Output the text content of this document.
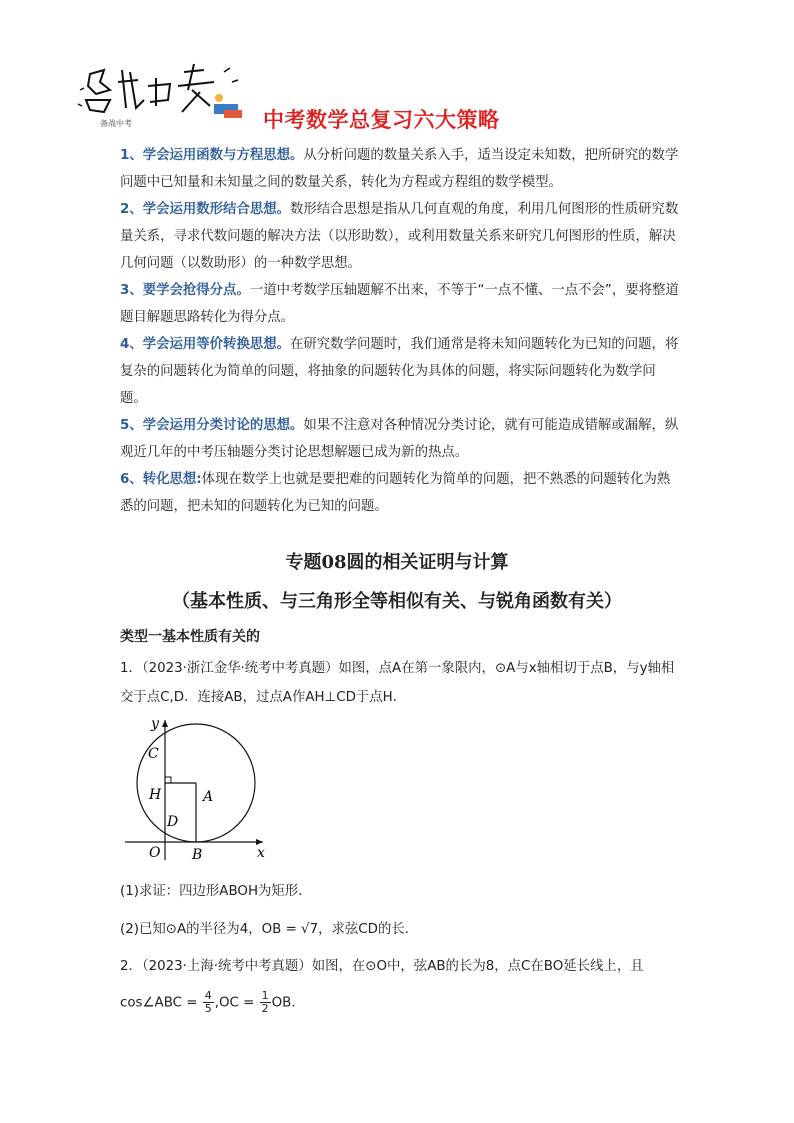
备战中考	中考数学总复习六大策略

1、学会运用函数与方程思想。从分析问题的数量关系入手，适当设定未知数，把所研究的数学问题中已知量和未知量之间的数量关系，转化为方程或方程组的数学模型。

2、学会运用数形结合思想。数形结合思想是指从几何直观的角度，利用几何图形的性质研究数量关系，寻求代数问题的解决方法（以形助数），或利用数量关系来研究几何图形的性质，解决几何问题（以数助形）的一种数学思想。

3、要学会抢得分点。一道中考数学压轴题解不出来，不等于“一点不懂、一点不会”，要将整道题目解题思路转化为得分点。

4、学会运用等价转换思想。在研究数学问题时，我们通常是将未知问题转化为已知的问题，将复杂的问题转化为简单的问题，将抽象的问题转化为具体的问题，将实际问题转化为数学问题。

5、学会运用分类讨论的思想。如果不注意对各种情况分类讨论，就有可能造成错解或漏解，纵观近几年的中考压轴题分类讨论思想解题已成为新的热点。

6、转化思想:体现在数学上也就是要把难的问题转化为简单的问题，把不熟悉的问题转化为熟悉的问题，把未知的问题转化为已知的问题。

专题08圆的相关证明与计算
（基本性质、与三角形全等相似有关、与锐角函数有关）
类型一基本性质有关的
1．（2023·浙江金华·统考中考真题）如图，点A在第一象限内，⊙A与x轴相切于点B，与y轴相交于点C,D．连接AB，过点A作AH⊥CD于点H．
y
C
H	A
D
O B	x
(1)求证：四边形ABOH为矩形．
(2)已知⊙A的半径为4，OB = √7，求弦CD的长．
2．（2023·上海·统考中考真题）如图，在⊙O中，弦AB的长为8，点C在BO延长线上，且
cos∠ABC = $\frac{4}{5} ,OC = \frac{1}{2}$ OB．
